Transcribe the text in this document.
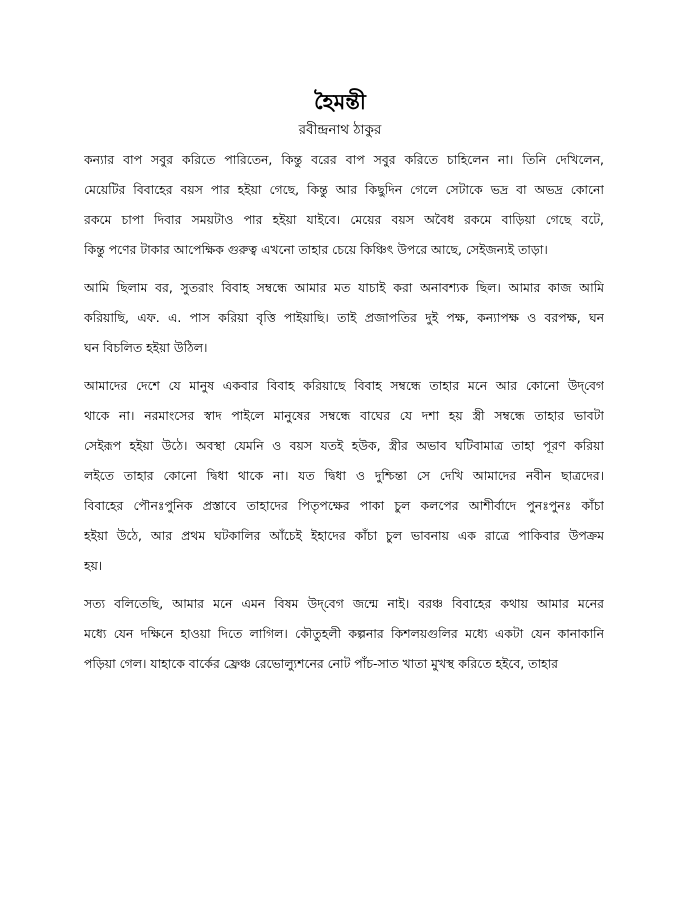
হৈমন্তী
রবীন্দ্রনাথ ঠাকুর
কন্যার বাপ সবুর করিতে পারিতেন, কিন্তু বরের বাপ সবুর করিতে চাহিলেন না। তিনি দেখিলেন,
মেয়েটির বিবাহের বয়স পার হইয়া গেছে, কিন্তু আর কিছুদিন গেলে সেটাকে ভদ্র বা অভদ্র কোনো
রকমে চাপা দিবার সময়টাও পার হইয়া যাইবে। মেয়ের বয়স অবৈধ রকমে বাড়িয়া গেছে বটে,
কিন্তু পণের টাকার আপেক্ষিক গুরুত্ব এখনো তাহার চেয়ে কিঞ্চিৎ উপরে আছে, সেইজন্যই তাড়া।
আমি ছিলাম বর, সুতরাং বিবাহ সম্বন্ধে আমার মত যাচাই করা অনাবশ্যক ছিল। আমার কাজ আমি
করিয়াছি, এফ. এ. পাস করিয়া বৃত্তি পাইয়াছি। তাই প্রজাপতির দুই পক্ষ, কন্যাপক্ষ ও বরপক্ষ, ঘন
ঘন বিচলিত হইয়া উঠিল।
আমাদের দেশে যে মানুষ একবার বিবাহ করিয়াছে বিবাহ সম্বন্ধে তাহার মনে আর কোনো উদ্‌বেগ
থাকে না। নরমাংসের স্বাদ পাইলে মানুষের সম্বন্ধে বাঘের যে দশা হয় স্ত্রী সম্বন্ধে তাহার ভাবটা
সেইরূপ হইয়া উঠে। অবস্থা যেমনি ও বয়স যতই হউক, স্ত্রীর অভাব ঘটিবামাত্র তাহা পূরণ করিয়া
লইতে তাহার কোনো দ্বিধা থাকে না। যত দ্বিধা ও দুশ্চিন্তা সে দেখি আমাদের নবীন ছাত্রদের।
বিবাহের পৌনঃপুনিক প্রস্তাবে তাহাদের পিতৃপক্ষের পাকা চুল কলপের আশীর্বাদে পুনঃপুনঃ কাঁচা
হইয়া উঠে, আর প্রথম ঘটকালির আঁচেই ইহাদের কাঁচা চুল ভাবনায় এক রাত্রে পাকিবার উপক্রম
হয়।
সত্য বলিতেছি, আমার মনে এমন বিষম উদ্‌বেগ জন্মে নাই। বরঞ্চ বিবাহের কথায় আমার মনের
মধ্যে যেন দক্ষিনে হাওয়া দিতে লাগিল। কৌতুহলী কল্পনার কিশলয়গুলির মধ্যে একটা যেন কানাকানি
পড়িয়া গেল। যাহাকে বার্কের ফ্রেঞ্চ রেভোল্যুশনের নোট পাঁচ-সাত খাতা মুখস্থ করিতে হইবে, তাহার
